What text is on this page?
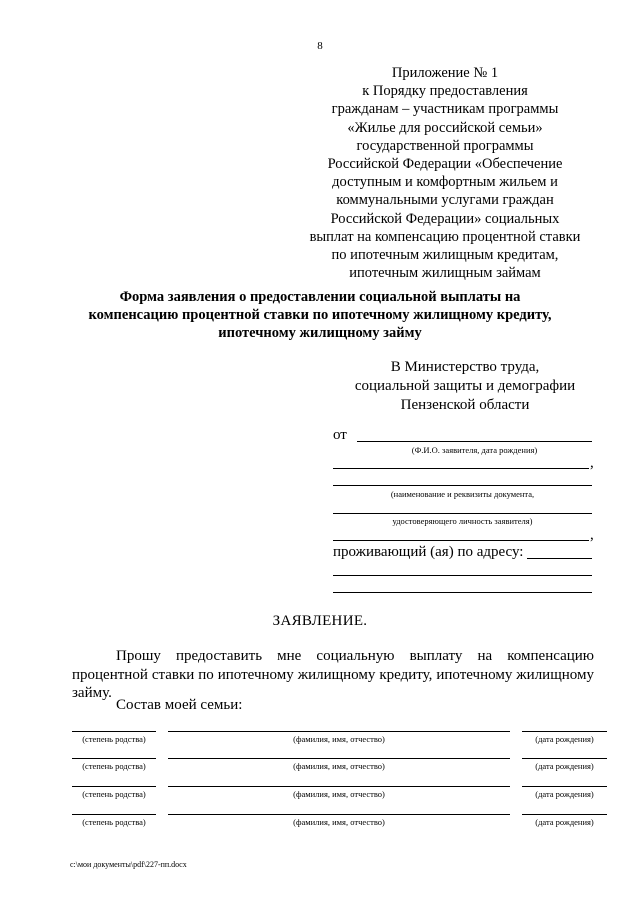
8
Приложение № 1
к Порядку предоставления
гражданам – участникам программы
«Жилье для российской семьи»
государственной программы
Российской Федерации «Обеспечение
доступным и комфортным жильем и
коммунальными услугами граждан
Российской Федерации» социальных
выплат на компенсацию процентной ставки
по ипотечным жилищным кредитам,
ипотечным жилищным займам
Форма заявления о предоставлении социальной выплаты на
компенсацию процентной ставки по ипотечному жилищному кредиту,
ипотечному жилищному займу
В Министерство труда,
социальной защиты и демографии
Пензенской области
от
(Ф.И.О. заявителя, дата рождения)
,
(наименование и реквизиты документа,
удостоверяющего личность заявителя)
,
проживающий (ая) по адресу:
ЗАЯВЛЕНИЕ.
Прошу предоставить мне социальную выплату на компенсацию процентной ставки по ипотечному жилищному кредиту, ипотечному жилищному займу.
Состав моей семьи:
(степень родства)	(фамилия, имя, отчество)	(дата рождения)
(степень родства)	(фамилия, имя, отчество)	(дата рождения)
(степень родства)	(фамилия, имя, отчество)	(дата рождения)
(степень родства)	(фамилия, имя, отчество)	(дата рождения)
c:\мои документы\pdf\227-пп.docx
